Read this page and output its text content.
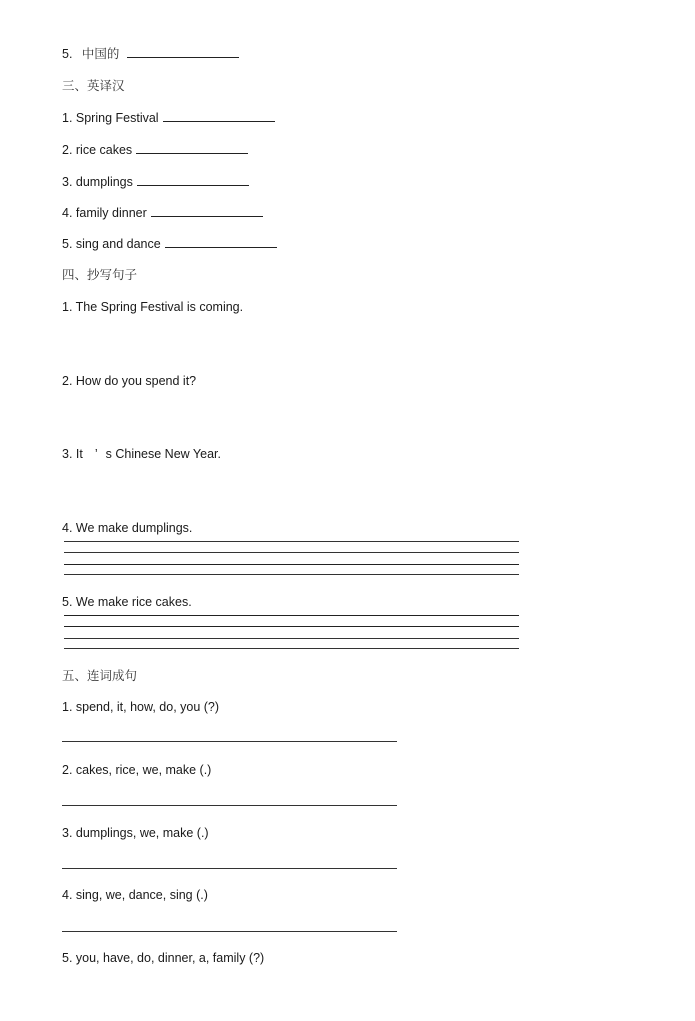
5. 中国的
三、英译汉
1. Spring Festival
2. rice cakes
3. dumplings
4. family dinner
5. sing and dance
四、抄写句子
1. The Spring Festival is coming.
2. How do you spend it?
3. It ’ s Chinese New Year.
4. We make dumplings.
5. We make rice cakes.
五、连词成句
1. spend, it, how, do, you (?)
2. cakes, rice, we, make (.)
3. dumplings, we, make (.)
4. sing, we, dance, sing (.)
5. you, have, do, dinner, a, family (?)
